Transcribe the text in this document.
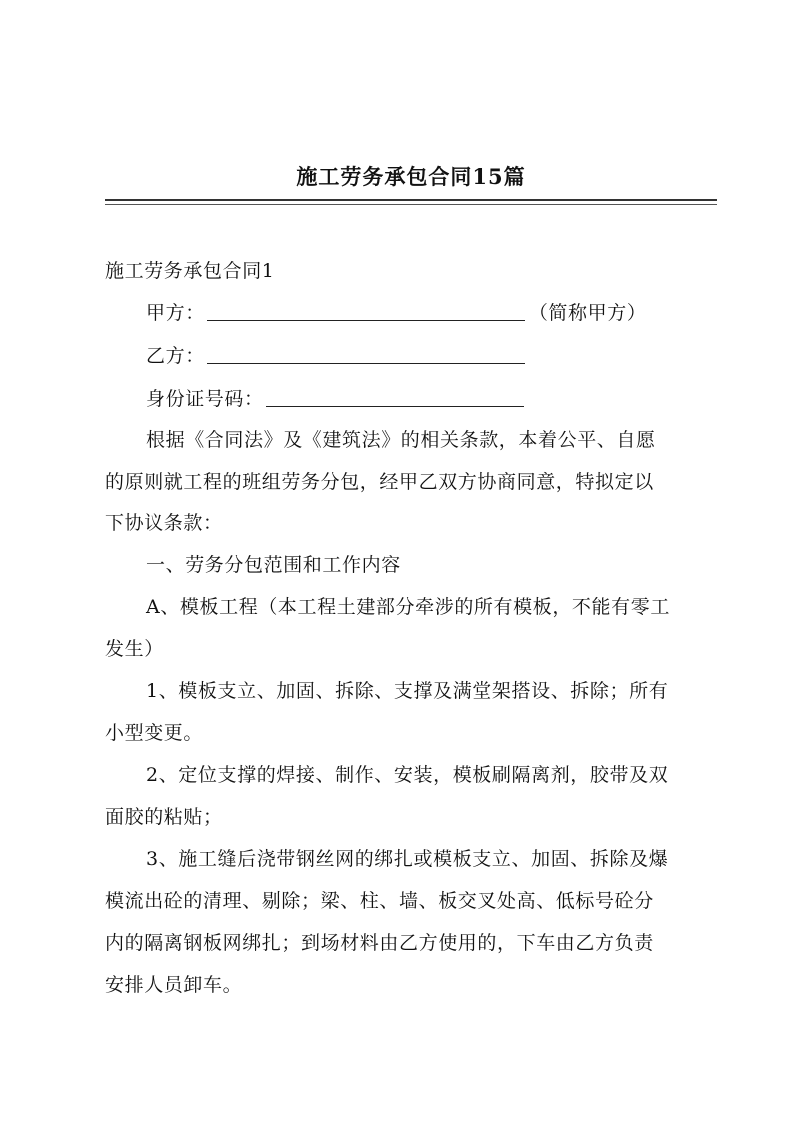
施工劳务承包合同15篇
施工劳务承包合同1
甲方：	（简称甲方）
乙方：
身份证号码：
根据《合同法》及《建筑法》的相关条款，本着公平、自愿
的原则就工程的班组劳务分包，经甲乙双方协商同意，特拟定以
下协议条款：
一、劳务分包范围和工作内容
A、模板工程（本工程土建部分牵涉的所有模板，不能有零工
发生）
1、模板支立、加固、拆除、支撑及满堂架搭设、拆除；所有
小型变更。
2、定位支撑的焊接、制作、安装，模板刷隔离剂，胶带及双
面胶的粘贴；
3、施工缝后浇带钢丝网的绑扎或模板支立、加固、拆除及爆
模流出砼的清理、剔除；梁、柱、墙、板交叉处高、低标号砼分
内的隔离钢板网绑扎；到场材料由乙方使用的，下车由乙方负责
安排人员卸车。
